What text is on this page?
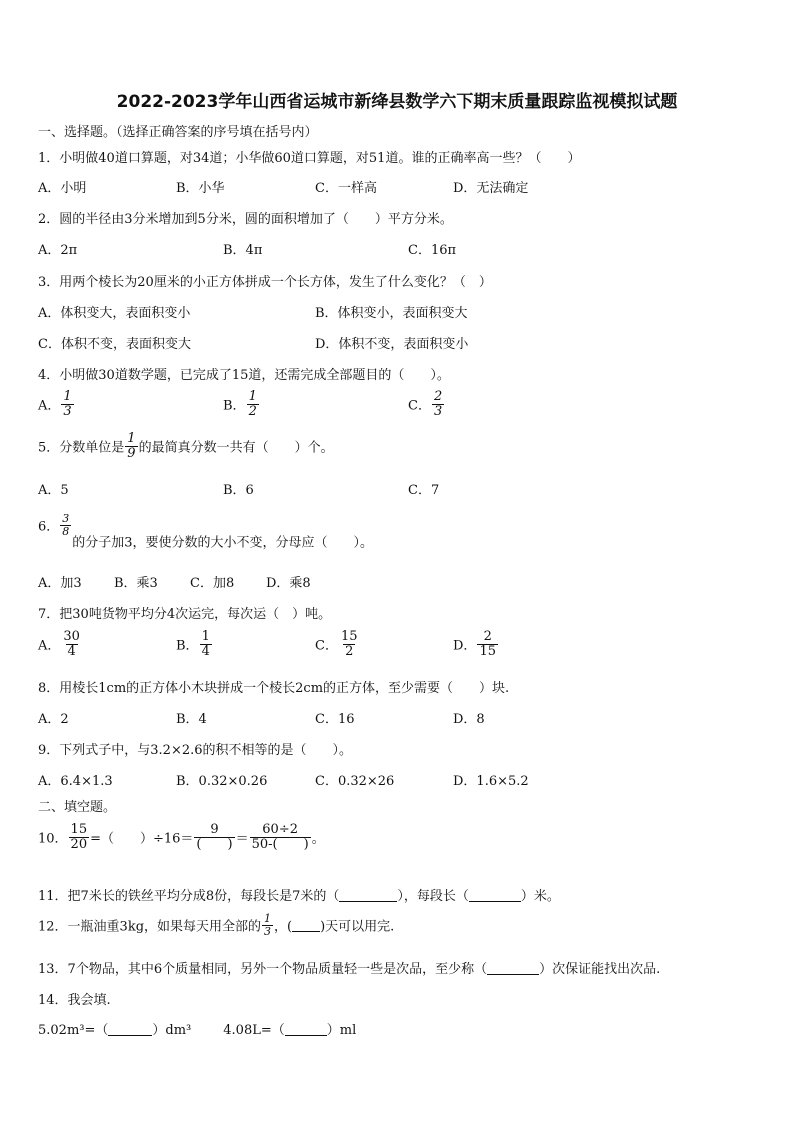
2022-2023学年山西省运城市新绛县数学六下期末质量跟踪监视模拟试题
一、选择题。（选择正确答案的序号填在括号内）
1．小明做40道口算题，对34道；小华做60道口算题，对51道。谁的正确率高一些？（　　）
A．小明	B．小华	C．一样高	D．无法确定
2．圆的半径由3分米增加到5分米，圆的面积增加了（　　）平方分米。
A．2π	B．4π	C．16π
3．用两个棱长为20厘米的小正方体拼成一个长方体，发生了什么变化？（　）
A．体积变大，表面积变小	B．体积变小，表面积变大
C．体积不变，表面积变大	D．体积不变，表面积变小
4．小明做30道数学题，已完成了15道，还需完成全部题目的（　　）。
A． $\frac{1}{3}$	B． $\frac{1}{2}$	C． $\frac{2}{3}$
5．分数单位是 $\frac{1}{9}$ 的最简真分数一共有（　　）个。
A．5	B．6	C．7
6． $\frac{3}{8}$
的分子加3，要使分数的大小不变，分母应（　　）。
A．加3 B．乘3 C．加8 D．乘8
7．把30吨货物平均分4次运完，每次运（　）吨。
A． $\frac{30}{4}$	B． $\frac{1}{4}$	C． $\frac{15}{2}$	D． $\frac{2}{15}$
8．用棱长1cm的正方体小木块拼成一个棱长2cm的正方体，至少需要（　　）块.
A．2	B．4	C．16	D．8
9．下列式子中，与3.2×2.6的积不相等的是（　　）。
A．6.4×1.3	B．0.32×0.26	C．0.32×26	D．1.6×5.2
二、填空题。
10． $\frac{15}{20}$ =（　　）$\div 16= \frac{9}{( )} = \frac{60\div 2}{50-( )}$ 。
11．把7米长的铁丝平均分成8份，每段长是7米的（	），每段长（	）米。
12．一瓶油重3kg，如果每天用全部的 $\frac{1}{3}$ ，( )天可以用完.
13．7个物品，其中6个质量相同，另外一个物品质量轻一些是次品，至少称（	）次保证能找出次品.
14．我会填.
5.02m³=（	）dm³ 4.08L=（	）ml
